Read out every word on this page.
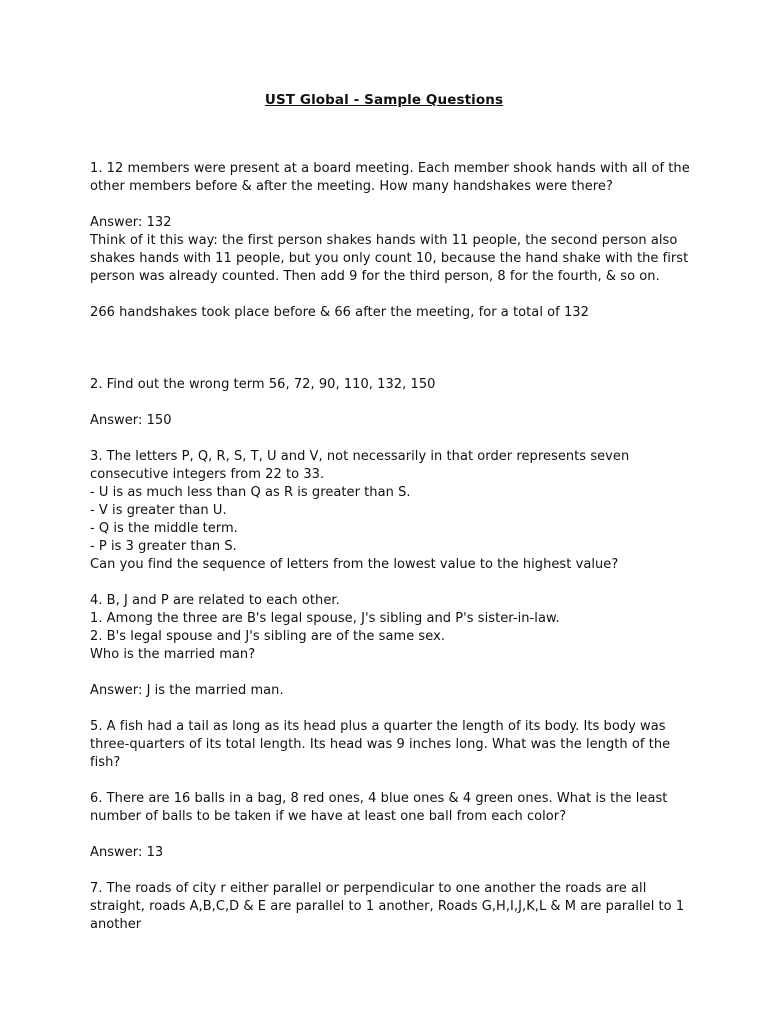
UST Global - Sample Questions
1. 12 members were present at a board meeting. Each member shook hands with all of the
other members before & after the meeting. How many handshakes were there?
Answer: 132
Think of it this way: the first person shakes hands with 11 people, the second person also
shakes hands with 11 people, but you only count 10, because the hand shake with the first
person was already counted. Then add 9 for the third person, 8 for the fourth, & so on.
266 handshakes took place before & 66 after the meeting, for a total of 132
2. Find out the wrong term 56, 72, 90, 110, 132, 150
Answer: 150
3. The letters P, Q, R, S, T, U and V, not necessarily in that order represents seven
consecutive integers from 22 to 33.
- U is as much less than Q as R is greater than S.
- V is greater than U.
- Q is the middle term.
- P is 3 greater than S.
Can you find the sequence of letters from the lowest value to the highest value?
4. B, J and P are related to each other.
1. Among the three are B's legal spouse, J's sibling and P's sister-in-law.
2. B's legal spouse and J's sibling are of the same sex.
Who is the married man?
Answer: J is the married man.
5. A fish had a tail as long as its head plus a quarter the length of its body. Its body was
three-quarters of its total length. Its head was 9 inches long. What was the length of the
fish?
6. There are 16 balls in a bag, 8 red ones, 4 blue ones & 4 green ones. What is the least
number of balls to be taken if we have at least one ball from each color?
Answer: 13
7. The roads of city r either parallel or perpendicular to one another the roads are all
straight, roads A,B,C,D & E are parallel to 1 another, Roads G,H,I,J,K,L & M are parallel to 1
another
